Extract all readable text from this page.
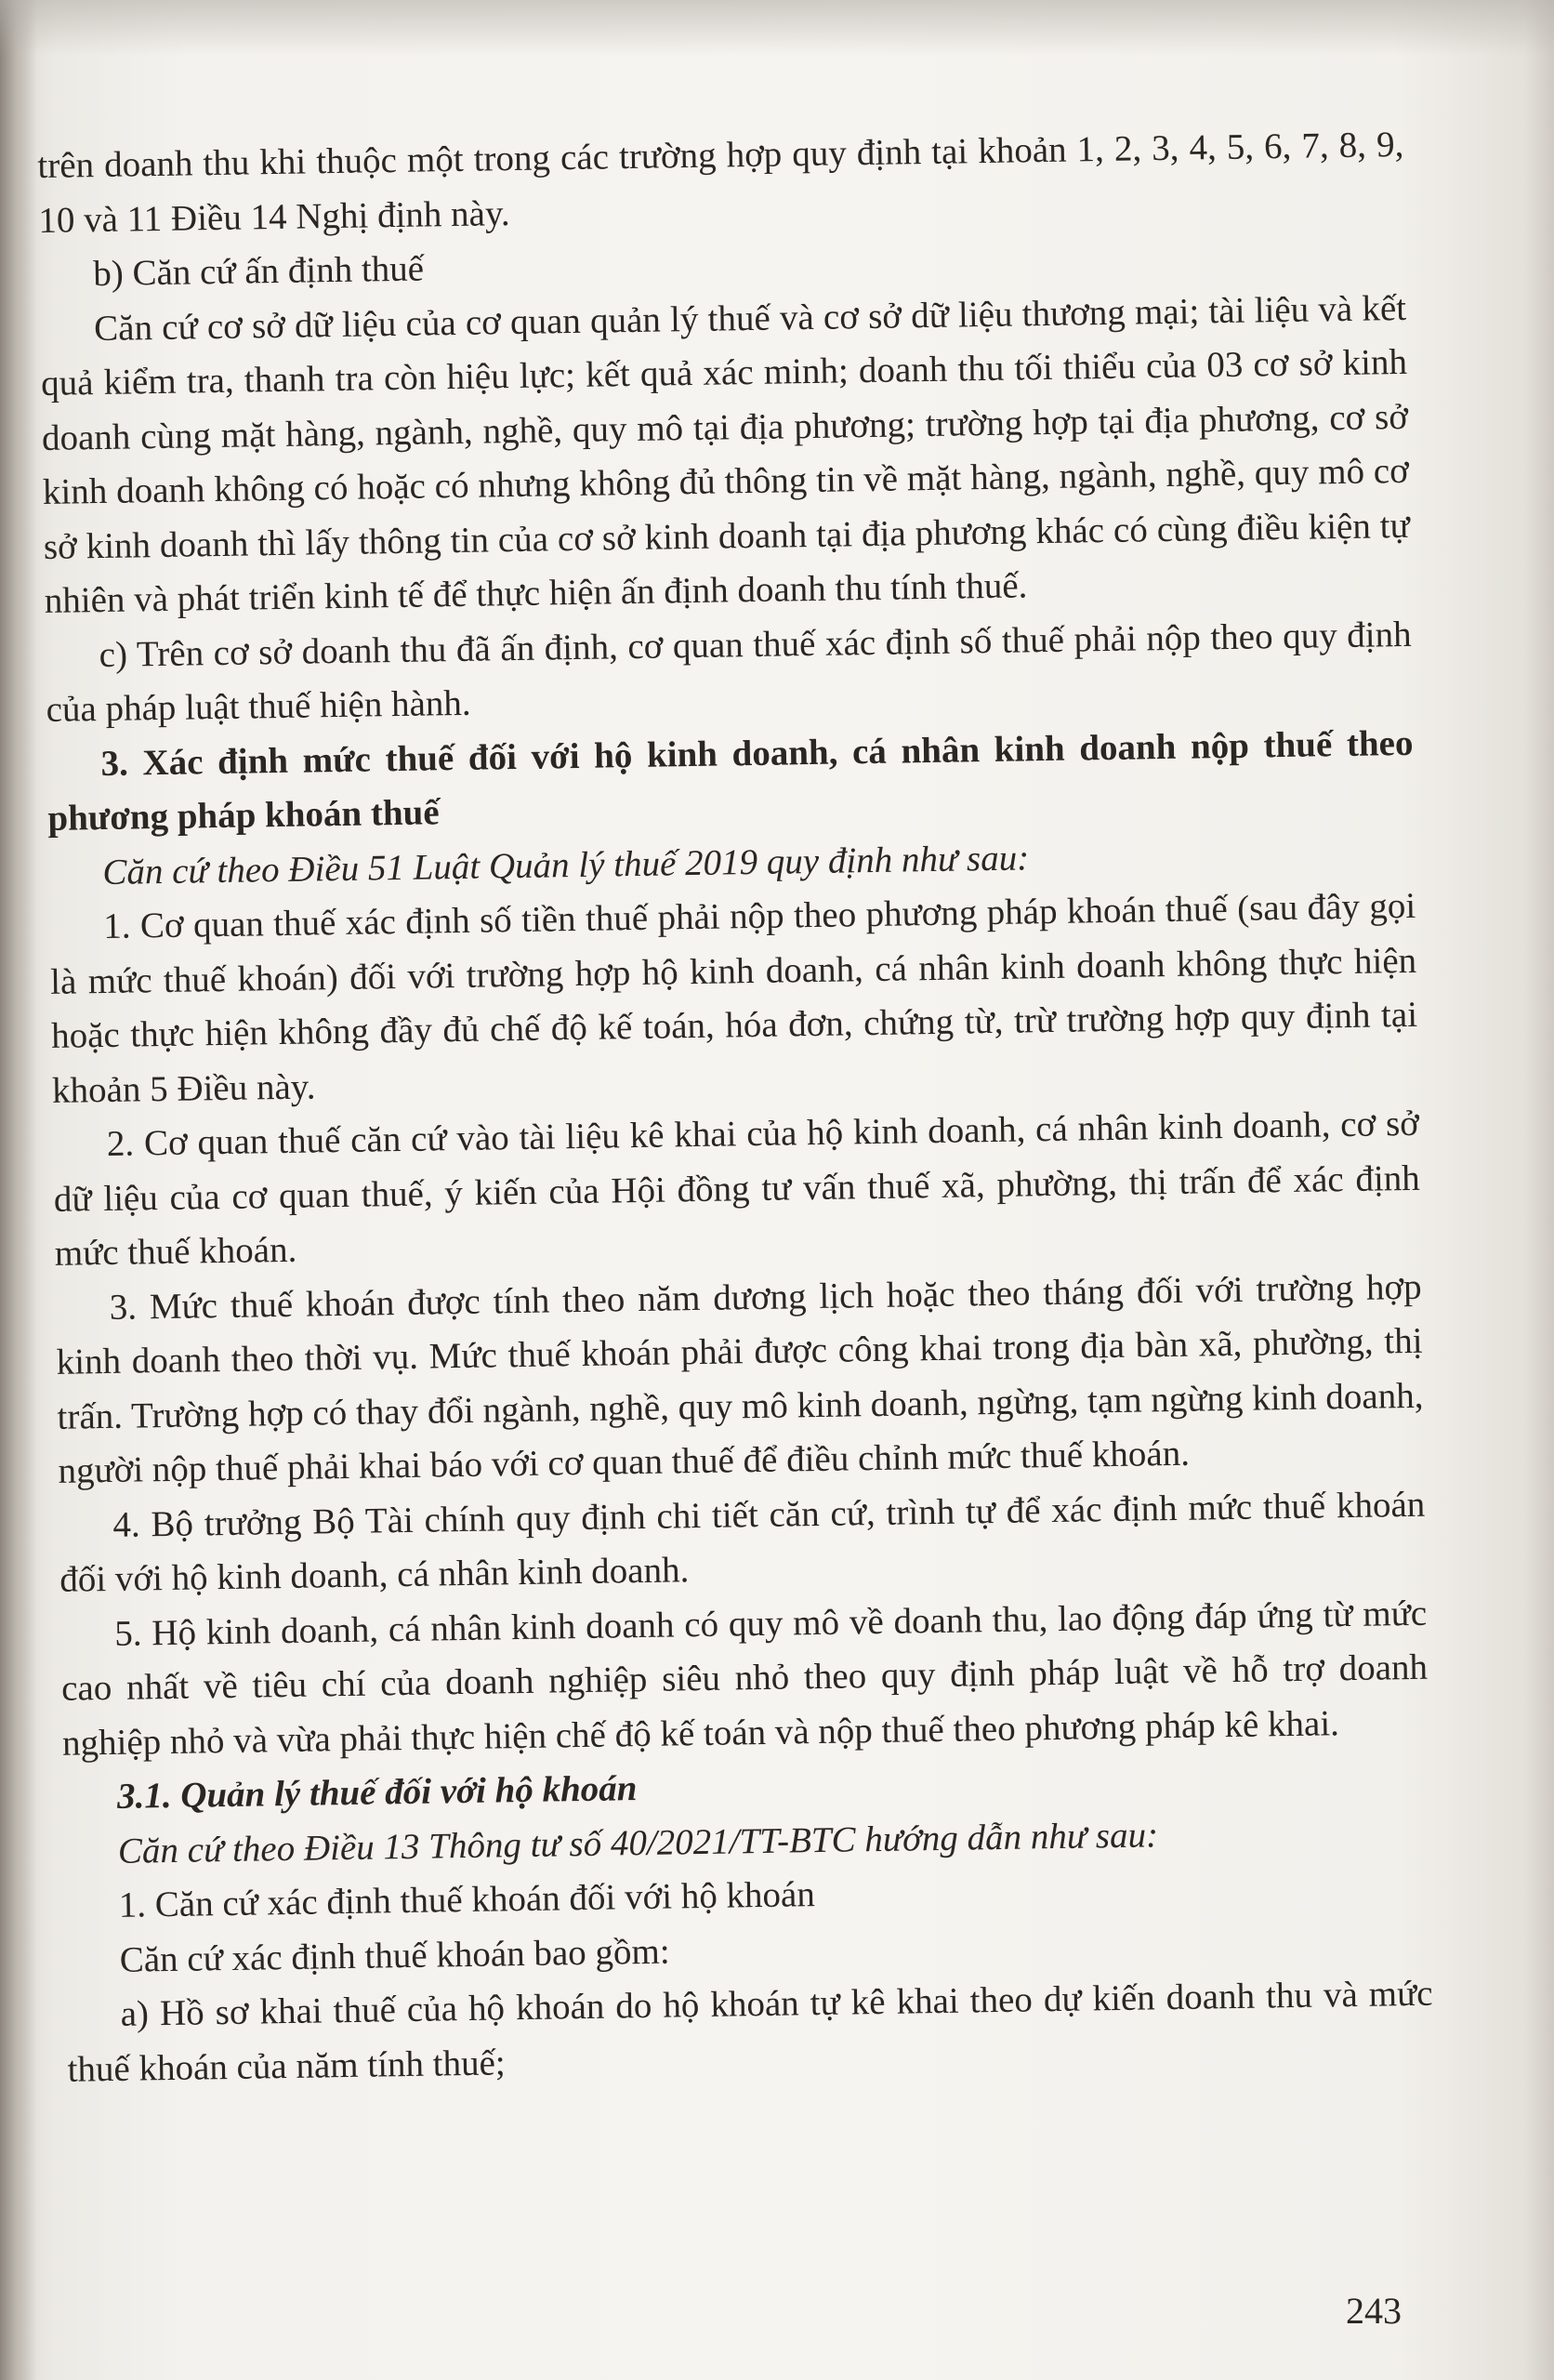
trên doanh thu khi thuộc một trong các trường hợp quy định tại khoản 1, 2, 3, 4, 5, 6, 7, 8, 9, 10 và 11 Điều 14 Nghị định này.

b) Căn cứ ấn định thuế

Căn cứ cơ sở dữ liệu của cơ quan quản lý thuế và cơ sở dữ liệu thương mại; tài liệu và kết quả kiểm tra, thanh tra còn hiệu lực; kết quả xác minh; doanh thu tối thiểu của 03 cơ sở kinh doanh cùng mặt hàng, ngành, nghề, quy mô tại địa phương; trường hợp tại địa phương, cơ sở kinh doanh không có hoặc có nhưng không đủ thông tin về mặt hàng, ngành, nghề, quy mô cơ sở kinh doanh thì lấy thông tin của cơ sở kinh doanh tại địa phương khác có cùng điều kiện tự nhiên và phát triển kinh tế để thực hiện ấn định doanh thu tính thuế.

c) Trên cơ sở doanh thu đã ấn định, cơ quan thuế xác định số thuế phải nộp theo quy định của pháp luật thuế hiện hành.

3. Xác định mức thuế đối với hộ kinh doanh, cá nhân kinh doanh nộp thuế theo phương pháp khoán thuế

Căn cứ theo Điều 51 Luật Quản lý thuế 2019 quy định như sau:

1. Cơ quan thuế xác định số tiền thuế phải nộp theo phương pháp khoán thuế (sau đây gọi là mức thuế khoán) đối với trường hợp hộ kinh doanh, cá nhân kinh doanh không thực hiện hoặc thực hiện không đầy đủ chế độ kế toán, hóa đơn, chứng từ, trừ trường hợp quy định tại khoản 5 Điều này.

2. Cơ quan thuế căn cứ vào tài liệu kê khai của hộ kinh doanh, cá nhân kinh doanh, cơ sở dữ liệu của cơ quan thuế, ý kiến của Hội đồng tư vấn thuế xã, phường, thị trấn để xác định mức thuế khoán.

3. Mức thuế khoán được tính theo năm dương lịch hoặc theo tháng đối với trường hợp kinh doanh theo thời vụ. Mức thuế khoán phải được công khai trong địa bàn xã, phường, thị trấn. Trường hợp có thay đổi ngành, nghề, quy mô kinh doanh, ngừng, tạm ngừng kinh doanh, người nộp thuế phải khai báo với cơ quan thuế để điều chỉnh mức thuế khoán.

4. Bộ trưởng Bộ Tài chính quy định chi tiết căn cứ, trình tự để xác định mức thuế khoán đối với hộ kinh doanh, cá nhân kinh doanh.

5. Hộ kinh doanh, cá nhân kinh doanh có quy mô về doanh thu, lao động đáp ứng từ mức cao nhất về tiêu chí của doanh nghiệp siêu nhỏ theo quy định pháp luật về hỗ trợ doanh nghiệp nhỏ và vừa phải thực hiện chế độ kế toán và nộp thuế theo phương pháp kê khai.

3.1. Quản lý thuế đối với hộ khoán

Căn cứ theo Điều 13 Thông tư số 40/2021/TT-BTC hướng dẫn như sau:

1. Căn cứ xác định thuế khoán đối với hộ khoán

Căn cứ xác định thuế khoán bao gồm:

a) Hồ sơ khai thuế của hộ khoán do hộ khoán tự kê khai theo dự kiến doanh thu và mức thuế khoán của năm tính thuế;

243
